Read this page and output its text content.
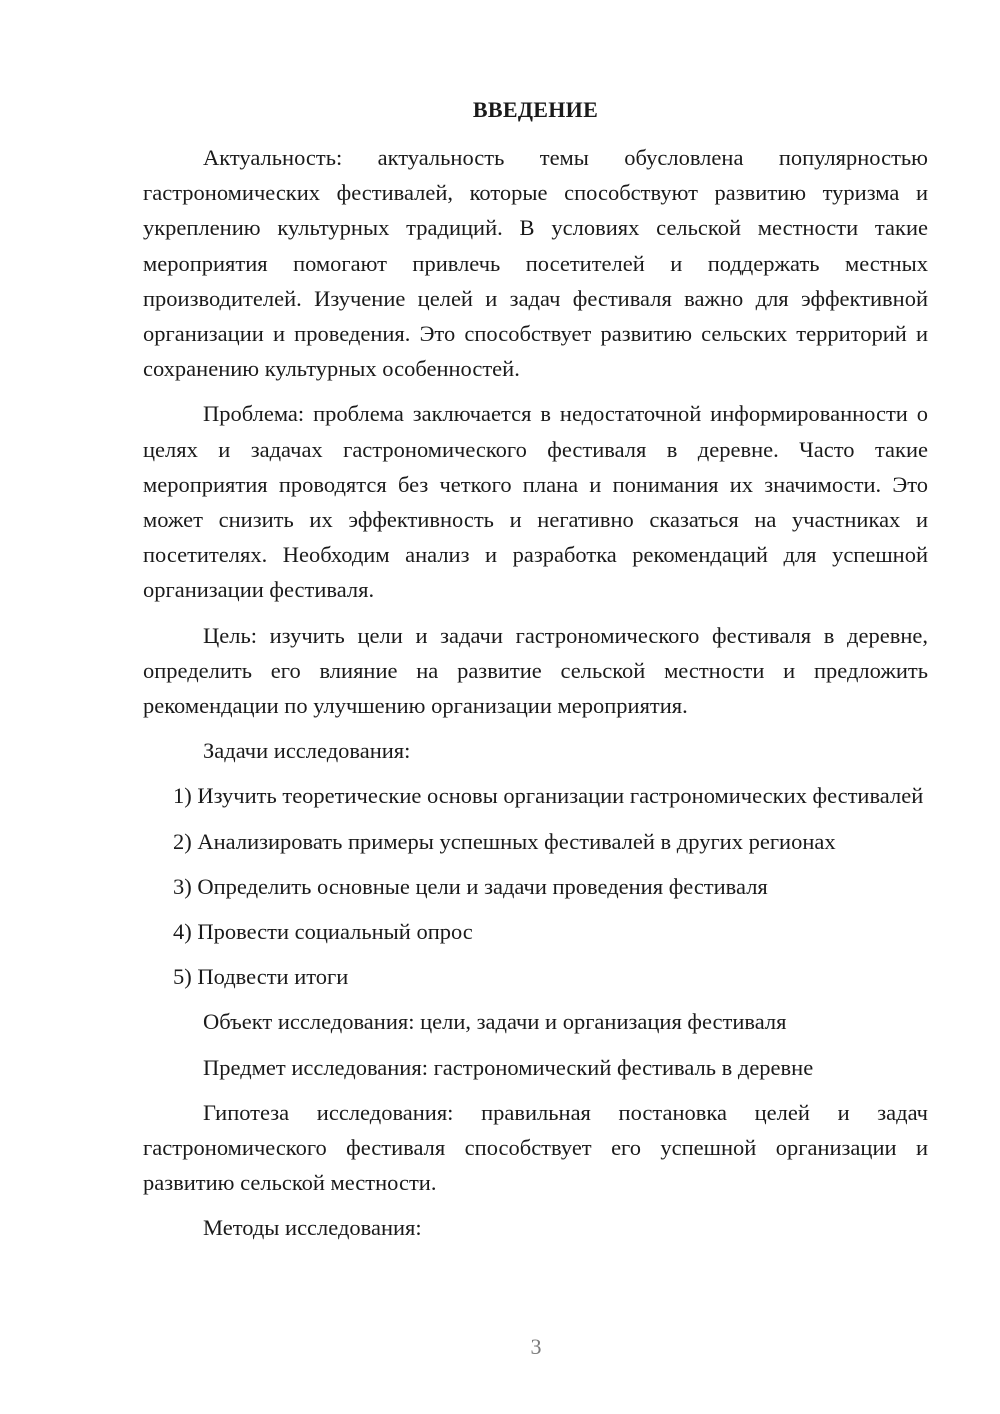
ВВЕДЕНИЕ

Актуальность: актуальность темы обусловлена популярностью гастрономических фестивалей, которые способствуют развитию туризма и укреплению культурных традиций. В условиях сельской местности такие мероприятия помогают привлечь посетителей и поддержать местных производителей. Изучение целей и задач фестиваля важно для эффективной организации и проведения. Это способствует развитию сельских территорий и сохранению культурных особенностей.

Проблема: проблема заключается в недостаточной информированности о целях и задачах гастрономического фестиваля в деревне. Часто такие мероприятия проводятся без четкого плана и понимания их значимости. Это может снизить их эффективность и негативно сказаться на участниках и посетителях. Необходим анализ и разработка рекомендаций для успешной организации фестиваля.

Цель: изучить цели и задачи гастрономического фестиваля в деревне, определить его влияние на развитие сельской местности и предложить рекомендации по улучшению организации мероприятия.

Задачи исследования:

1) Изучить теоретические основы организации гастрономических фестивалей

2) Анализировать примеры успешных фестивалей в других регионах
3) Определить основные цели и задачи проведения фестиваля
4) Провести социальный опрос
5) Подвести итоги
Объект исследования: цели, задачи и организация фестиваля
Предмет исследования: гастрономический фестиваль в деревне

Гипотеза исследования: правильная постановка целей и задач гастрономического фестиваля способствует его успешной организации и развитию сельской местности.

Методы исследования:
3
